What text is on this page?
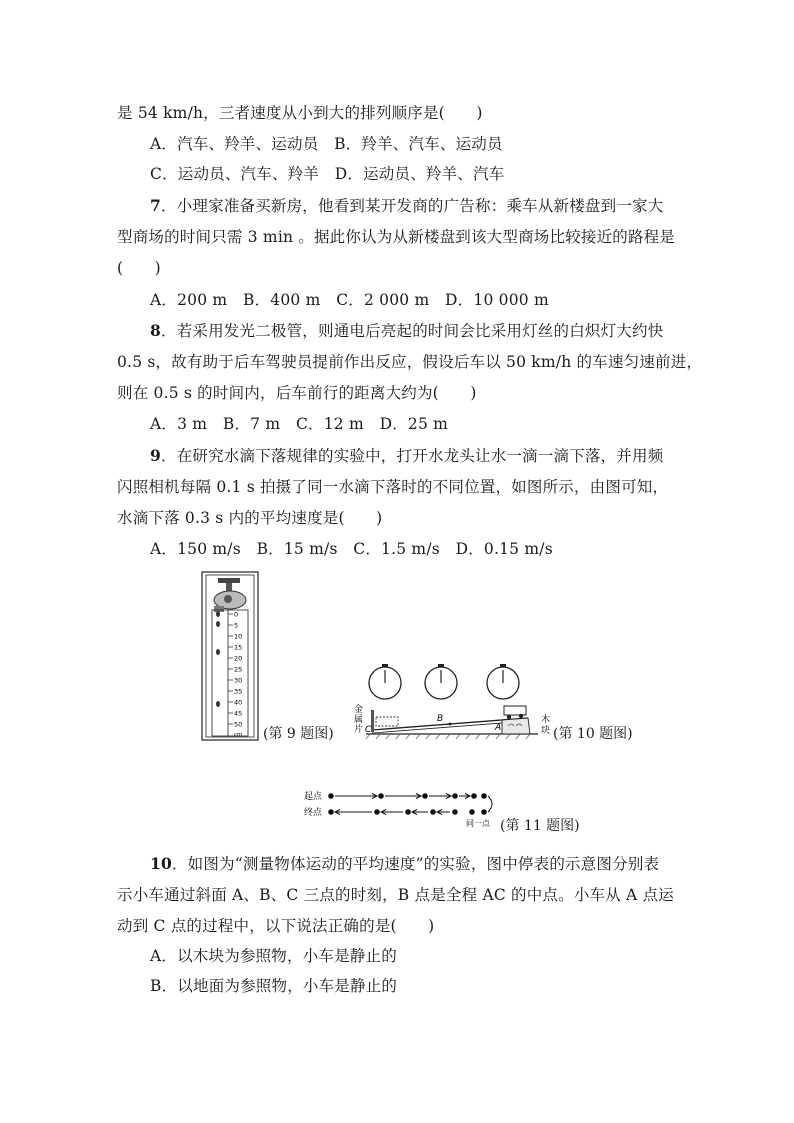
是 54 km/h，三者速度从小到大的排列顺序是(　　)
A．汽车、羚羊、运动员　B．羚羊、汽车、运动员
C．运动员、汽车、羚羊　D．运动员、羚羊、汽车
7．小理家准备买新房，他看到某开发商的广告称：乘车从新楼盘到一家大
型商场的时间只需 3 min 。据此你认为从新楼盘到该大型商场比较接近的路程是
(　　)
A．200 m　B．400 m　C．2 000 m　D．10 000 m
8．若采用发光二极管，则通电后亮起的时间会比采用灯丝的白炽灯大约快
0.5 s，故有助于后车驾驶员提前作出反应，假设后车以 50 km/h 的车速匀速前进，
则在 0.5 s 的时间内，后车前行的距离大约为(　　)
A．3 m　B．7 m　C．12 m　D．25 m
9．在研究水滴下落规律的实验中，打开水龙头让水一滴一滴下落，并用频
闪照相机每隔 0.1 s 拍摄了同一水滴下落时的不同位置，如图所示，由图可知，
水滴下落 0.3 s 内的平均速度是(　　)
A．150 m/s　B．15 m/s　C．1.5 m/s　D．0.15 m/s
0
5
10
15
20
25
30
35
40
45
50
cm (第 9 题图)
B
A
C
金
属
片
木
块 (第 10 题图)
起点
终点
同一点 (第 11 题图)
10．如图为“测量物体运动的平均速度”的实验，图中停表的示意图分别表
示小车通过斜面 A、B、C 三点的时刻，B 点是全程 AC 的中点。小车从 A 点运
动到 C 点的过程中，以下说法正确的是(　　)
A．以木块为参照物，小车是静止的
B．以地面为参照物，小车是静止的
